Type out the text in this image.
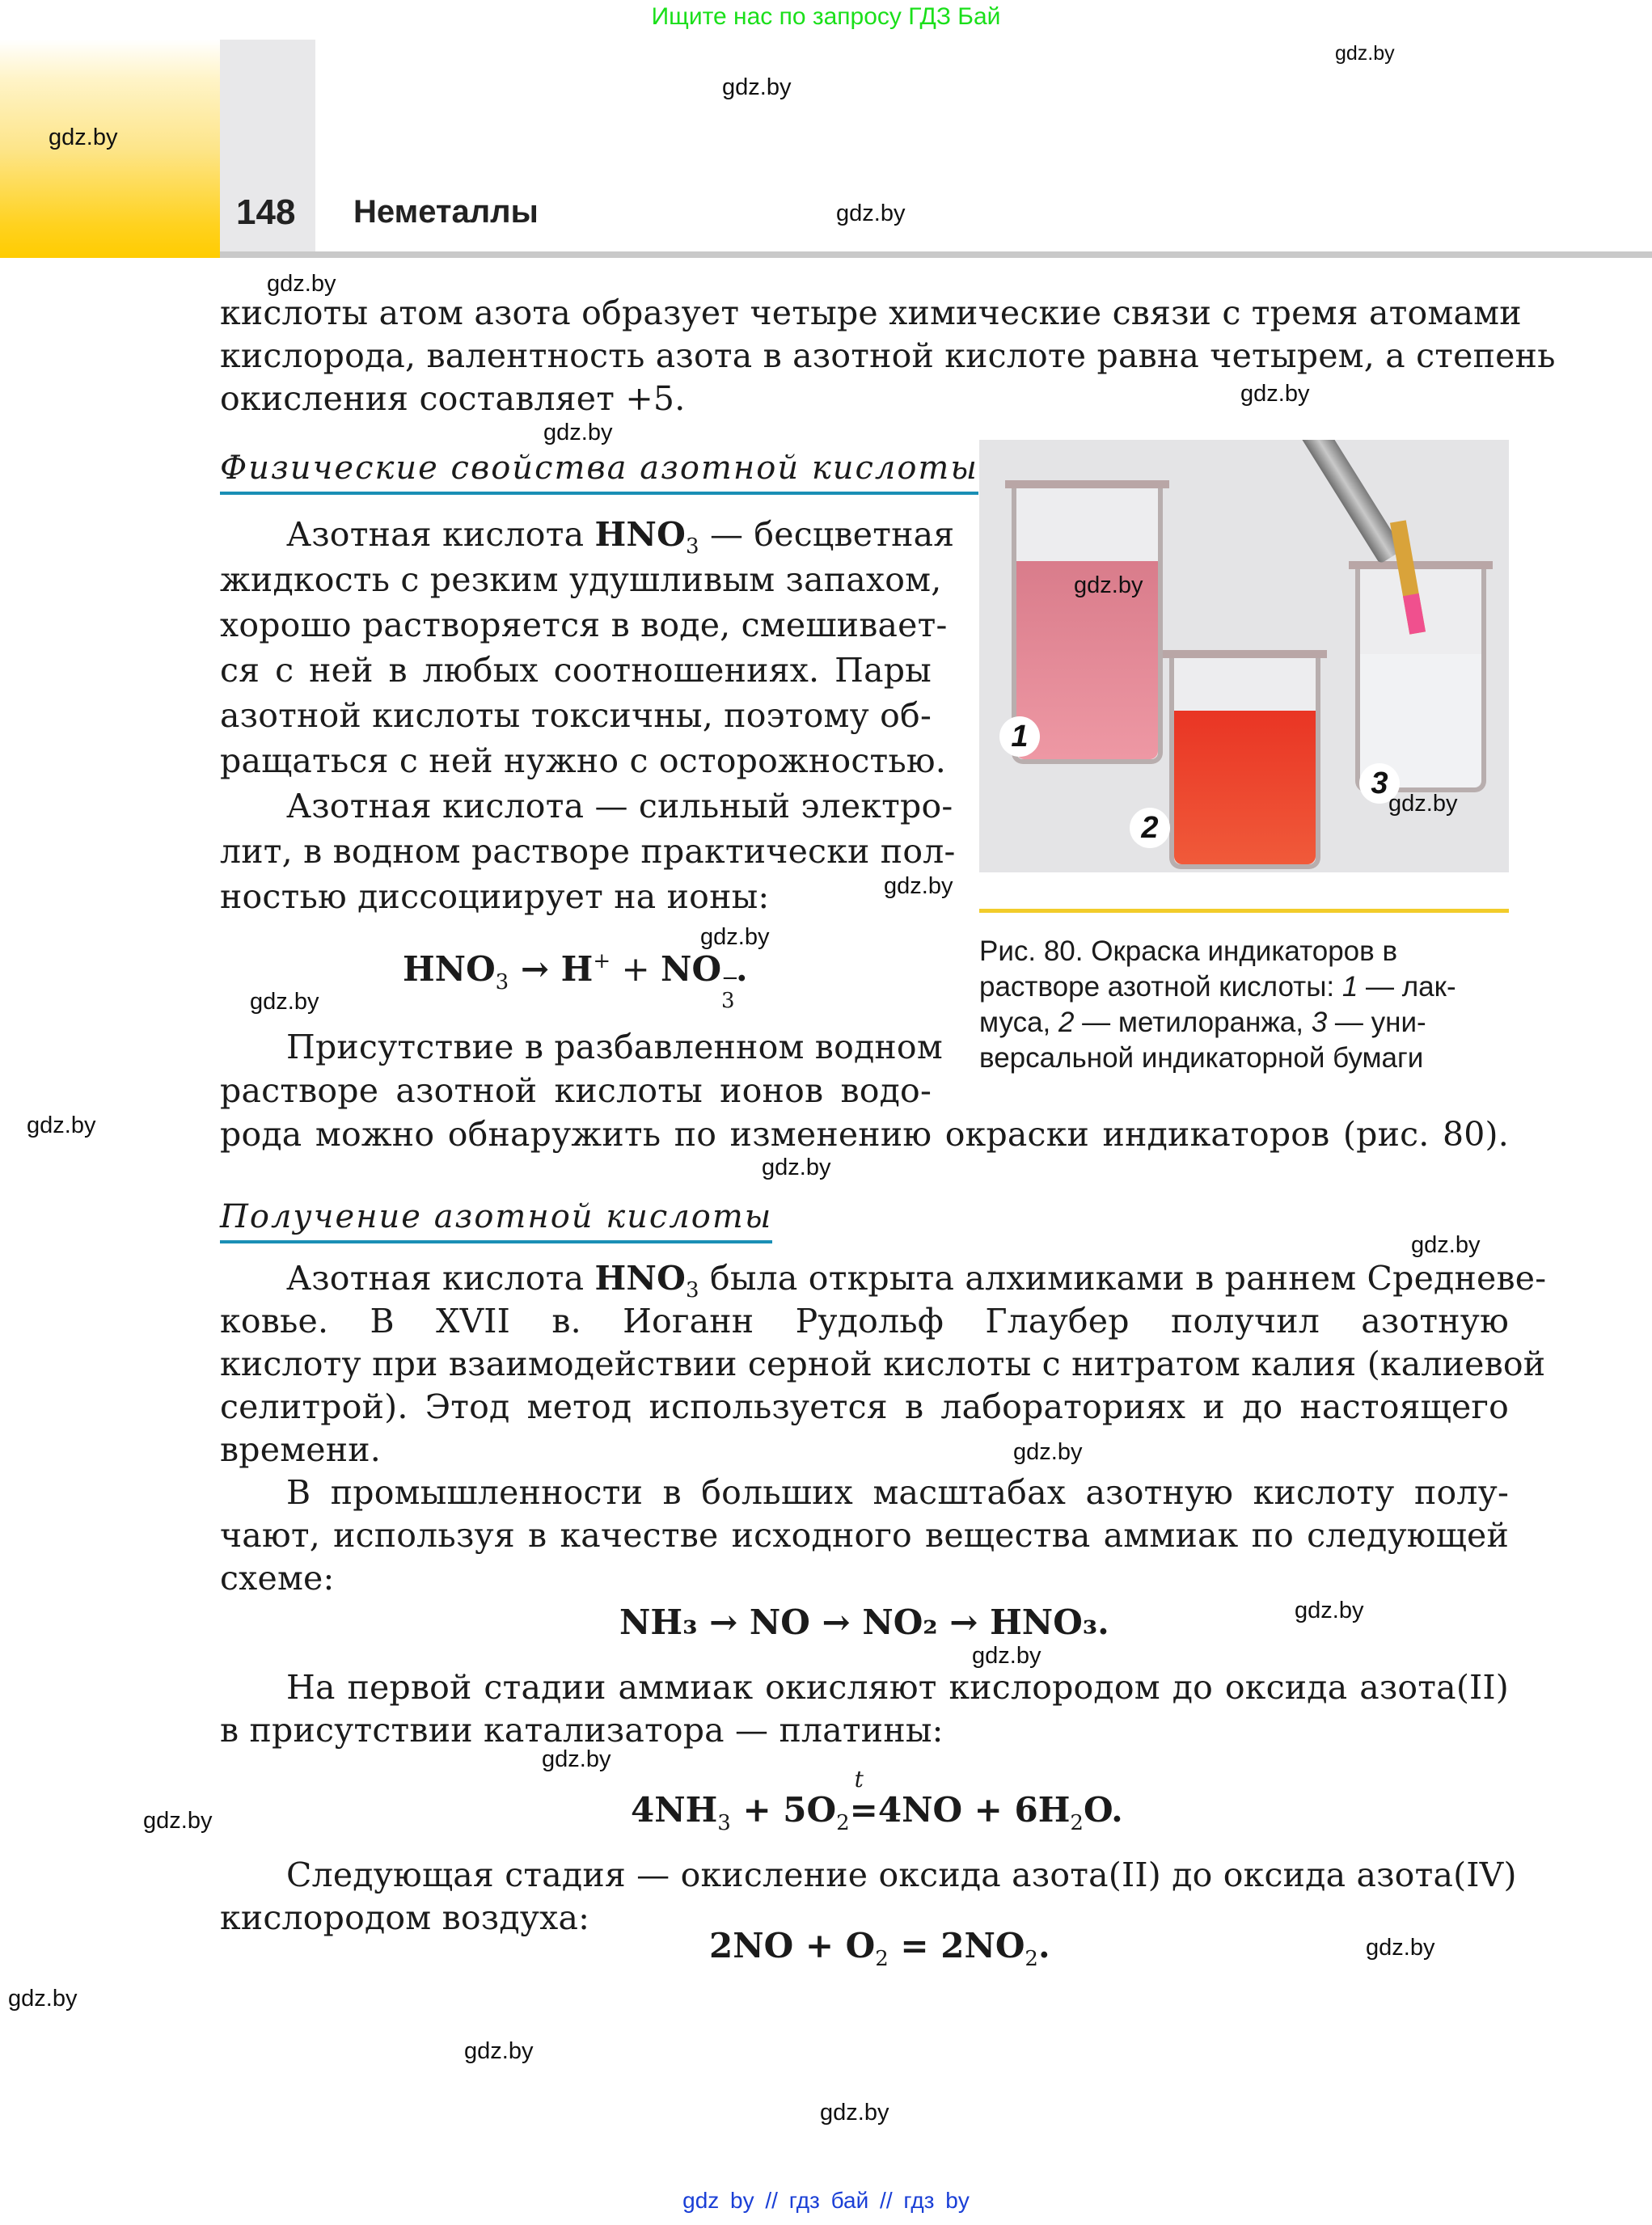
Ищите нас по запросу ГДЗ Бай
148 Неметаллы
gdz.by
gdz.by
gdz.by
gdz.by
gdz.by
gdz.by
gdz.by
gdz.by
gdz.by
gdz.by
gdz.by
gdz.by
gdz.by
gdz.by
gdz.by
gdz.by
gdz.by
gdz.by
gdz.by
gdz.by
gdz.by
gdz.by
кислоты атом азота образует четыре химические связи с тремя атомами
кислорода, валентность азота в азотной кислоте равна четырем, а степень
окисления составляет +5.
Физические свойства азотной кислоты
Азотная кислота $HNO_3$ — бесцветная
жидкость с резким удушливым запахом,
хорошо растворяется в воде, смешивает-
ся с ней в любых соотношениях. Пары
азотной кислоты токсичны, поэтому об-
ращаться с ней нужно с осторожностью.
Азотная кислота — сильный электро-
лит, в водном растворе практически пол-
ностью диссоциирует на ионы:
$HNO_3 \to H^+$ + NO −
3
.
Присутствие в разбавленном водном
растворе азотной кислоты ионов водо-
рода можно обнаружить по изменению окраски индикаторов (рис. 80).
1
2
3
gdz.by
gdz.by
Рис. 80. Окраска индикаторов в
растворе азотной кислоты: 1 — лак-
муса, 2 — метилоранжа, 3 — уни-
версальной индикаторной бумаги
Получение азотной кислоты
Азотная кислота $HNO_3$ была открыта алхимиками в раннем Средневе-
ковье. В XVII в. Иоганн Рудольф Глаубер получил азотную
кислоту при взаимодействии серной кислоты с нитратом калия (калиевой
селитрой). Этод метод используется в лабораториях и до настоящего
времени.
В промышленности в больших масштабах азотную кислоту полу-
чают, используя в качестве исходного вещества аммиак по следующей
схеме:
NH₃ → NO → NO₂ → HNO₃.
На первой стадии аммиак окисляют кислородом до оксида азота(II)
в присутствии катализатора — платины:
$4NH_3 + 5O_2$
t
$=4NO + 6H_2O$.
Следующая стадия — окисление оксида азота(II) до оксида азота(IV)
кислородом воздуха:
$2NO + O_2 = 2NO_2$.
gdz by // гдз бай // гдз by
